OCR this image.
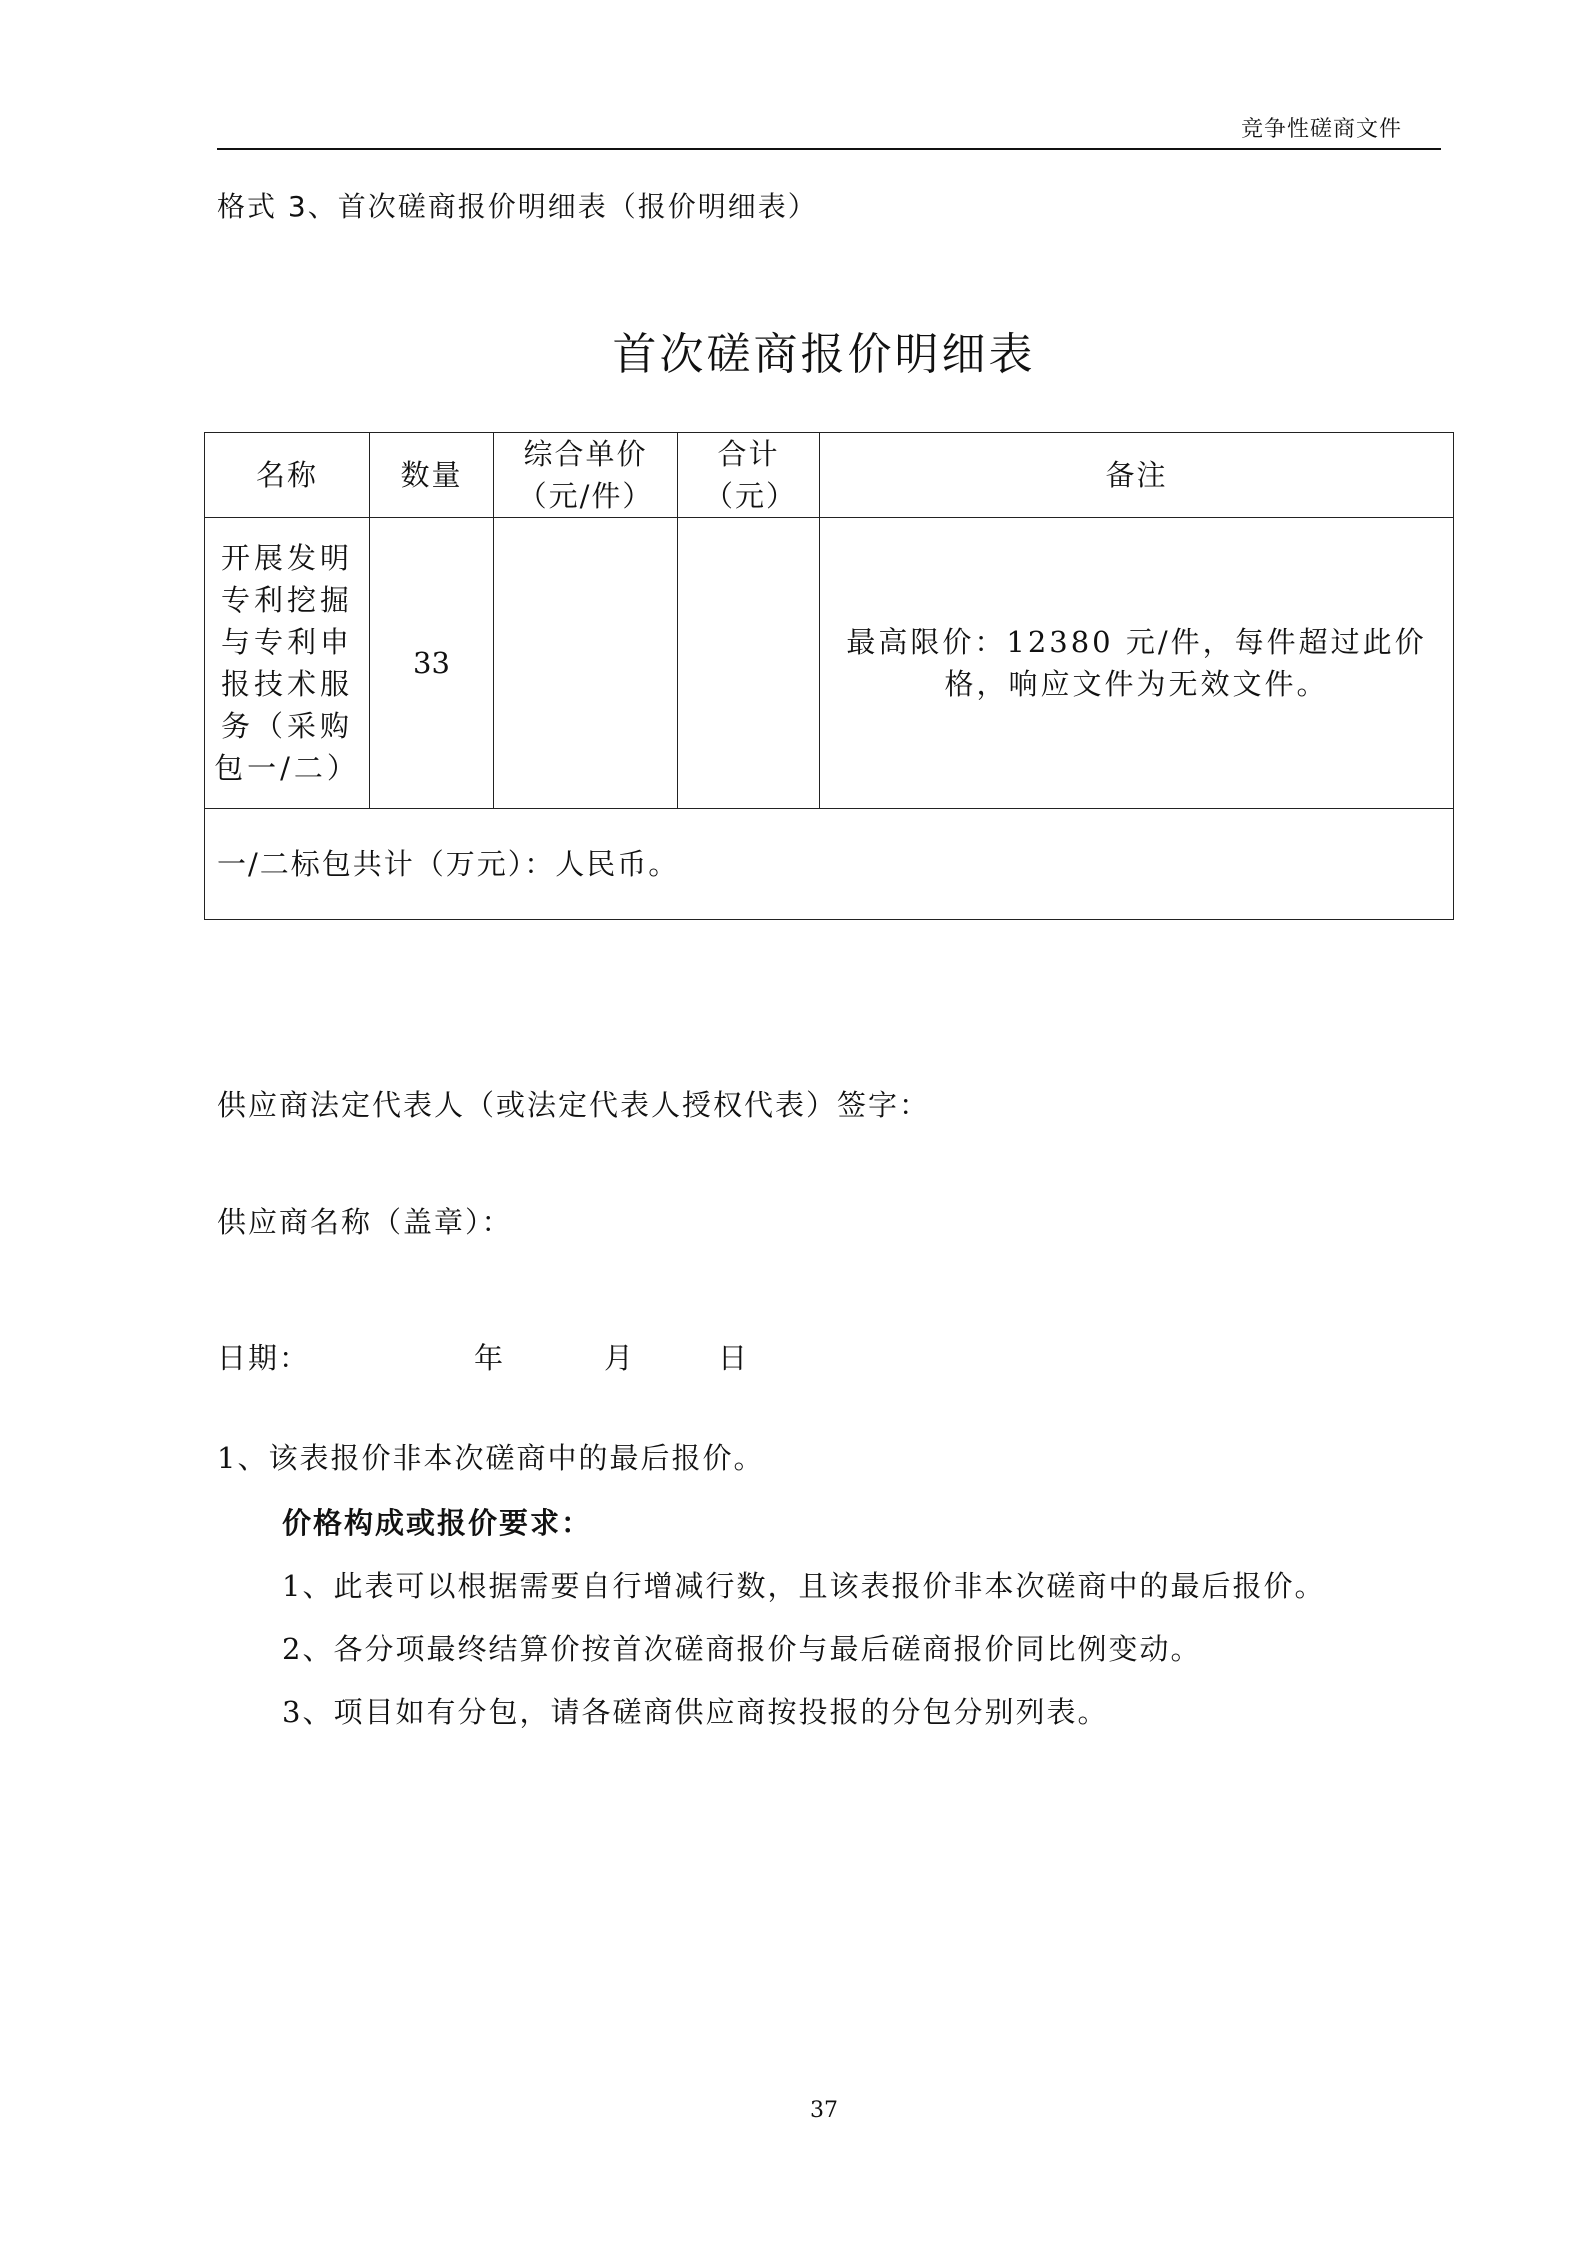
竞争性磋商文件
格式 3、首次磋商报价明细表（报价明细表）
首次磋商报价明细表
名称	数量	综合单价（元/件）	合计（元）	备注
开展发明专利挖掘与专利申报技术服务（采购包一/二）	33			最高限价：12380 元/件，每件超过此价格，响应文件为无效文件。
一/二标包共计（万元）：人民币。				
供应商法定代表人（或法定代表人授权代表）签字：
供应商名称（盖章）：
日期：	年	月	日
1、该表报价非本次磋商中的最后报价。
价格构成或报价要求：
1、此表可以根据需要自行增减行数，且该表报价非本次磋商中的最后报价。
2、各分项最终结算价按首次磋商报价与最后磋商报价同比例变动。
3、项目如有分包，请各磋商供应商按投报的分包分别列表。
37
